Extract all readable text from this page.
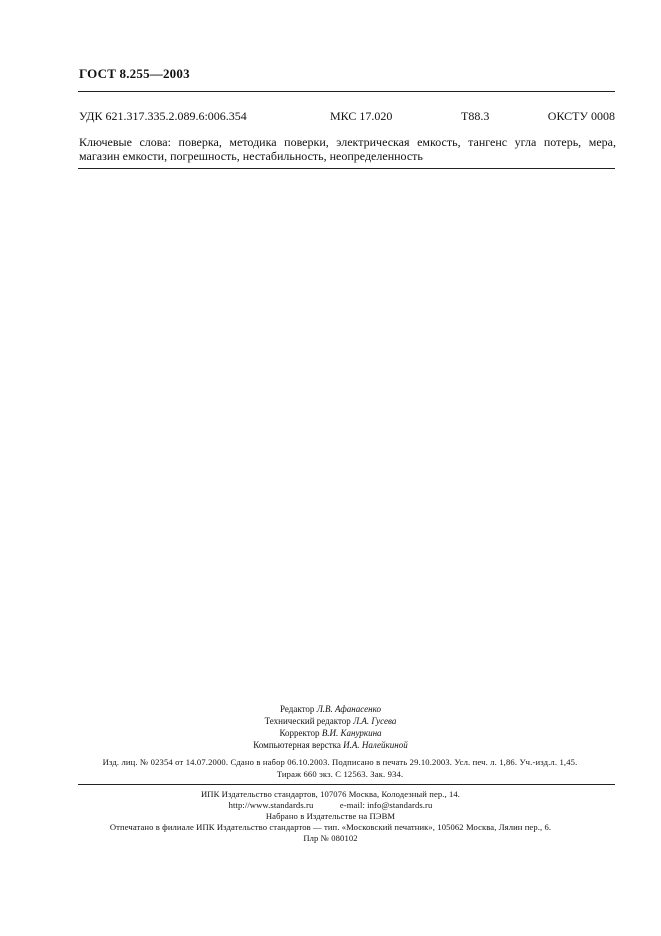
ГОСТ 8.255—2003
УДК 621.317.335.2.089.6:006.354	МКС 17.020	Т88.3	ОКСТУ 0008
Ключевые слова: поверка, методика поверки, электрическая емкость, тангенс угла потерь, мера,
магазин емкости, погрешность, нестабильность, неопределенность
Редактор Л.В. Афанасенко
Технический редактор Л.А. Гусева
Корректор В.И. Кануркина
Компьютерная верстка И.А. Налейкиной
Изд. лиц. № 02354 от 14.07.2000. Сдано в набор 06.10.2003. Подписано в печать 29.10.2003. Усл. печ. л. 1,86. Уч.-изд.л. 1,45.
Тираж 660 экз. С 12563. Зак. 934.
ИПК Издательство стандартов, 107076 Москва, Колодезный пер., 14.
http://www.standards.ru	e-mail: info@standards.ru
Набрано в Издательстве на ПЭВМ
Отпечатано в филиале ИПК Издательство стандартов — тип. «Московский печатник», 105062 Москва, Лялин пер., 6.
Плр № 080102
